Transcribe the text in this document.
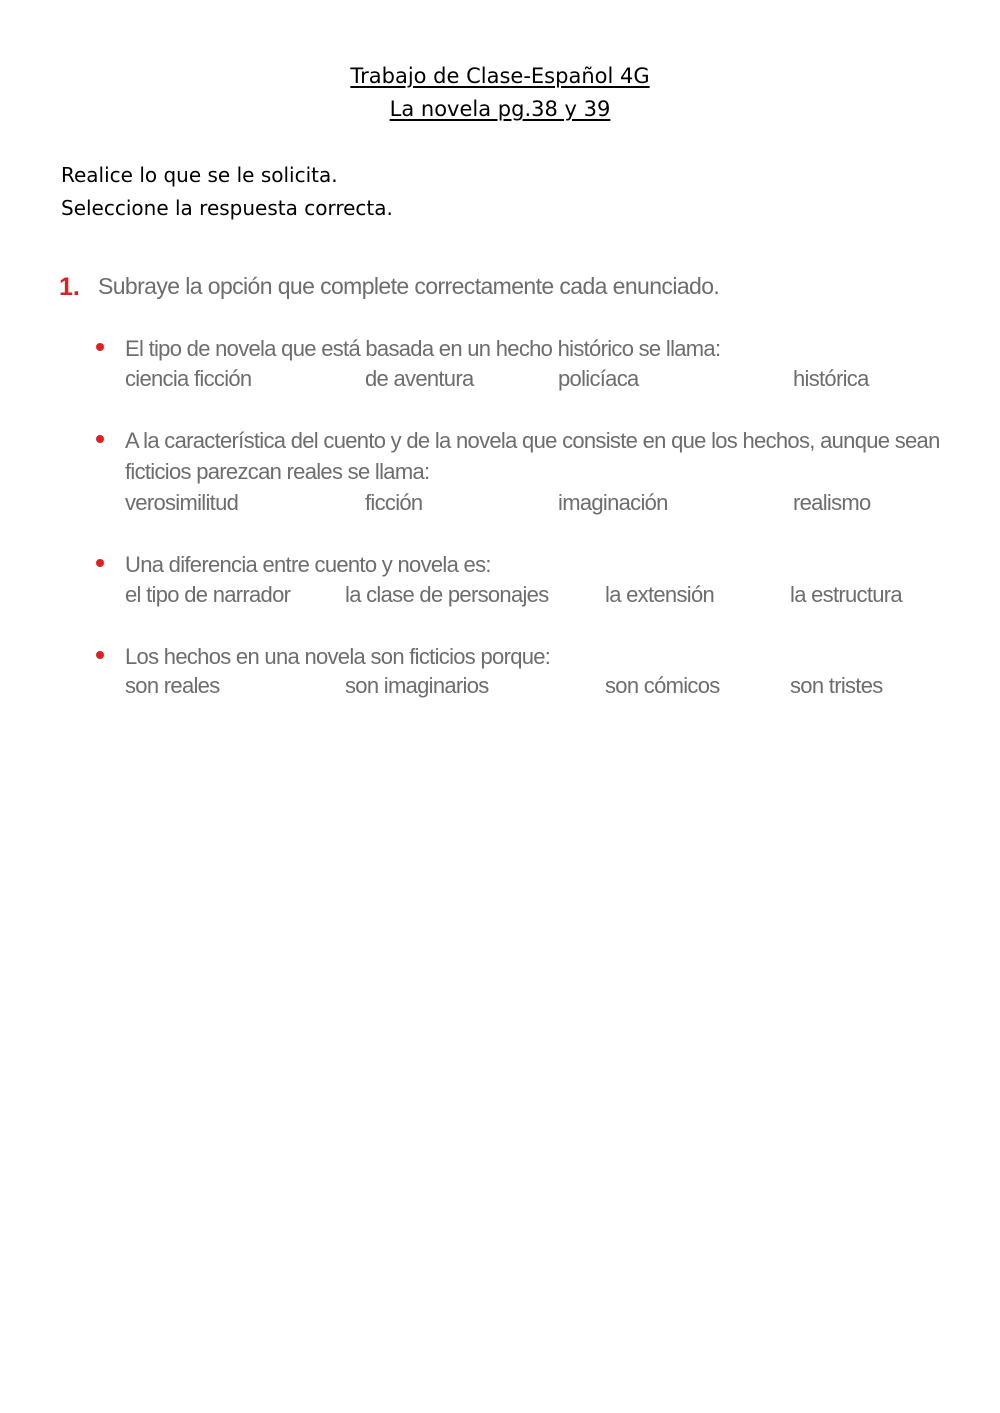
Trabajo de Clase-Español 4G
La novela pg.38 y 39
Realice lo que se le solicita.
Seleccione la respuesta correcta.
1. Subraye la opción que complete correctamente cada enunciado.
El tipo de novela que está basada en un hecho histórico se llama:
ciencia ficción	de aventura	policíaca	histórica
A la característica del cuento y de la novela que consiste en que los hechos, aunque sean
ficticios parezcan reales se llama:
verosimilitud	ficción	imaginación	realismo
Una diferencia entre cuento y novela es:
el tipo de narrador la clase de personajes	la extensión	la estructura
Los hechos en una novela son ficticios porque:
son reales	son imaginarios	son cómicos	son tristes
